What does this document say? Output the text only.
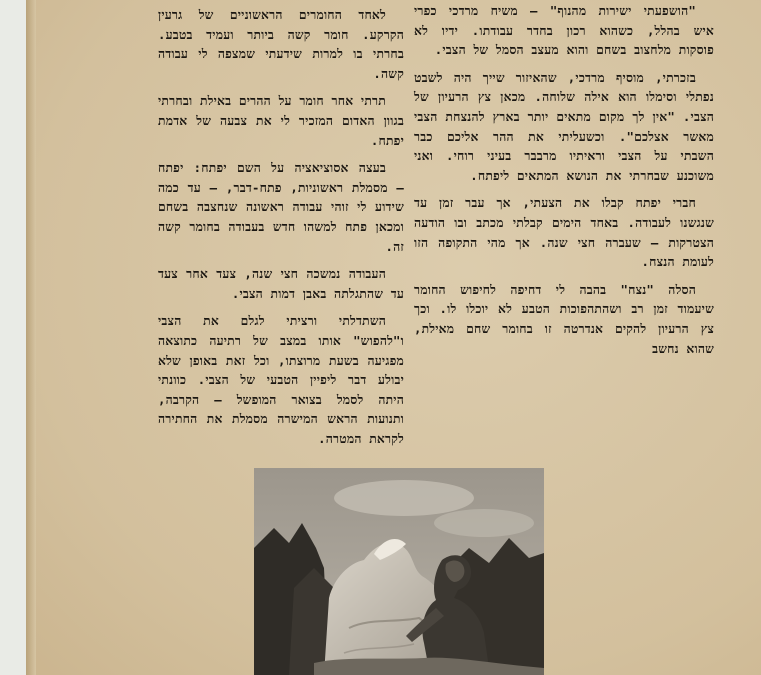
"הושפעתי ישירות מהנוף" – משיח מרדכי כפרי איש בהלל, כשהוא רכון בחדר עבודתו. ידיו לא פוסקות מלחצוב בשחם והוא מעצב הסמל של הצבי.

בזכרתי, מוסיף מרדכי, שהאיזור שייך היה לשבט נפתלי וסימלו הוא אילה שלוחה. מכאן צץ הרעיון של הצבי. "אין לך מקום מתאים יותר בארץ להנצחת הצבי מאשר אצלכם". וכשעליתי את ההר אליכם כבר השבתי על הצבי וראיתיו מרבבר בעיני רוחי. ואני משוכנע שבחרתי את הנושא המתאים ליפתח.

חברי יפתח קבלו את הצעתי, אך עבר זמן עד שנגשנו לעבודה. באחד הימים קבלתי מכתב ובו הודעה הצטרקות – שעברה חצי שנה. אך מהי התקופה הזו לעומת הנצח.

הסלה "נצח" בהבה לי דחיפה לחיפוש החומר שיעמוד זמן רב ושהתהפוכות הטבע לא יוכלו לו. וכך צץ הרעיון להקים אנדרטה זו בחומר שחם מאילת, שהוא נחשב

לאחד החומרים הראשוניים של גרעין הקרקע. חומר קשה ביותר ועמיד בטבע. בחרתי בו למרות שידעתי שמצפה לי עבודה קשה.

תרתי אחר חומר על ההרים באילת ובחרתי בגוון האדום המזכיר לי את צבעה של אדמת יפתח.

בעצה אסוציאציה על השם יפתח: יפתח – מסמלת ראשוניות, פתח-דבר, – עד כמה שידוע לי זוהי עבודה ראשונה שנחצבה בשחם ומכאן פתח למשהו חדש בעבודה בחומר קשה זה.

העבודה נמשכה חצי שנה, צעד אחר צעד עד שהתגלתה באבן דמות הצבי.

השתדלתי ורציתי לגלם את הצבי ו"להפוש" אותו במצב של רתיעה כתוצאה מפגיעה בשעת מרוצתו, וכל זאת באופן שלא יבולע דבר ליפיין הטבעי של הצבי. כוונתי היתה לסמל בצואר המופשל – הקרבה, ותנועות הראש המישרה מסמלת את החתירה לקראת המטרה.
